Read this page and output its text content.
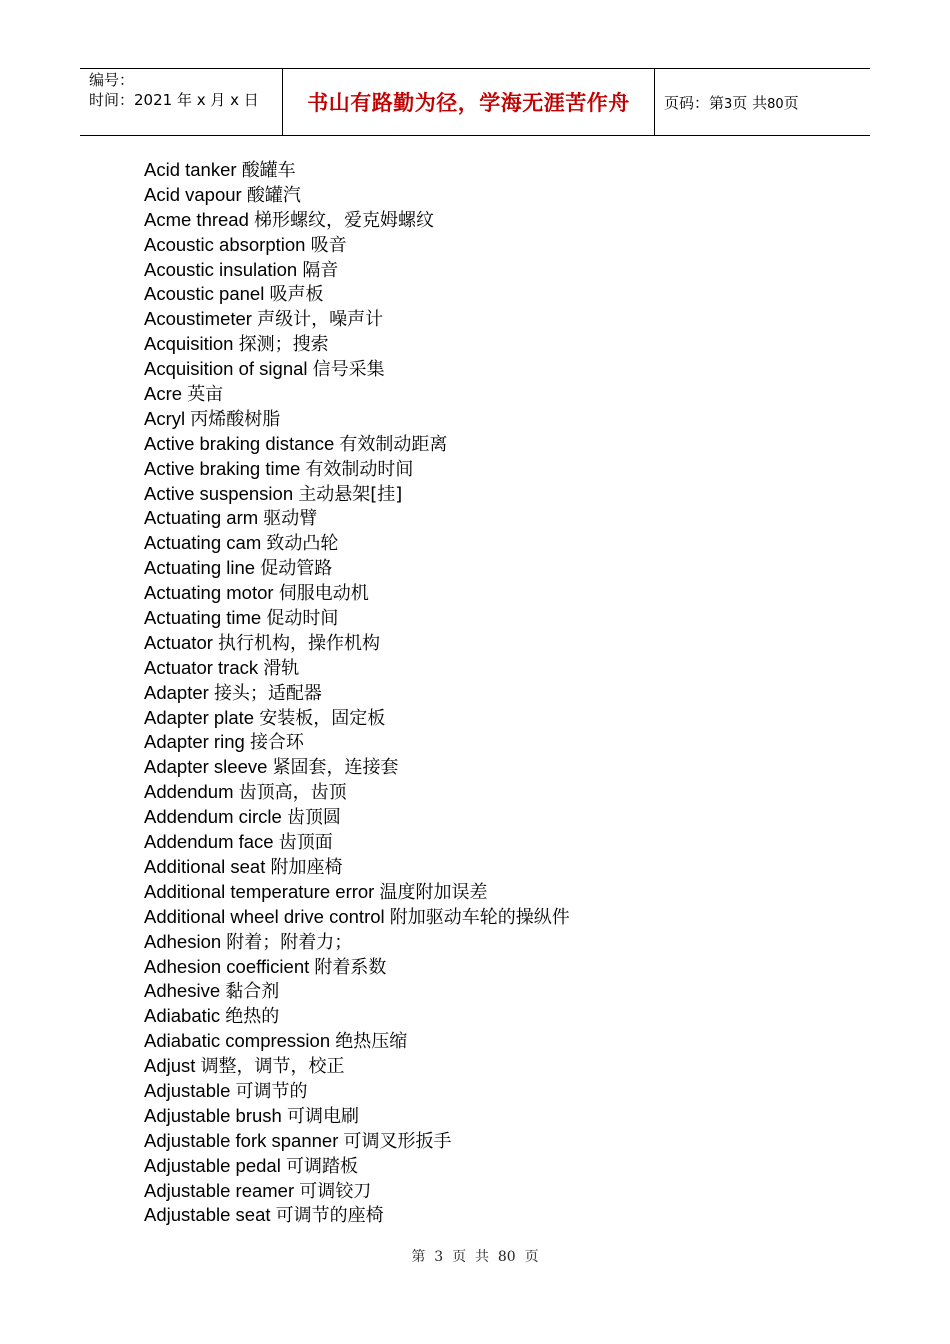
编号：
时间：2021 年 x 月 x 日 书山有路勤为径，学海无涯苦作舟 页码：第3页 共80页
Acid tanker 酸罐车
Acid vapour 酸罐汽
Acme thread 梯形螺纹，爱克姆螺纹
Acoustic absorption 吸音
Acoustic insulation 隔音
Acoustic panel 吸声板
Acoustimeter 声级计，噪声计
Acquisition 探测；搜索
Acquisition of signal 信号采集
Acre 英亩
Acryl 丙烯酸树脂
Active braking distance 有效制动距离
Active braking time 有效制动时间
Active suspension 主动悬架[挂]
Actuating arm 驱动臂
Actuating cam 致动凸轮
Actuating line 促动管路
Actuating motor 伺服电动机
Actuating time 促动时间
Actuator 执行机构，操作机构
Actuator track 滑轨
Adapter 接头；适配器
Adapter plate 安装板，固定板
Adapter ring 接合环
Adapter sleeve 紧固套，连接套
Addendum 齿顶高，齿顶
Addendum circle 齿顶圆
Addendum face 齿顶面
Additional seat 附加座椅
Additional temperature error 温度附加误差
Additional wheel drive control 附加驱动车轮的操纵件
Adhesion 附着；附着力；
Adhesion coefficient 附着系数
Adhesive 黏合剂
Adiabatic 绝热的
Adiabatic compression 绝热压缩
Adjust 调整，调节，校正
Adjustable 可调节的
Adjustable brush 可调电刷
Adjustable fork spanner 可调叉形扳手
Adjustable pedal 可调踏板
Adjustable reamer 可调铰刀
Adjustable seat 可调节的座椅
第  3  页  共  80  页
